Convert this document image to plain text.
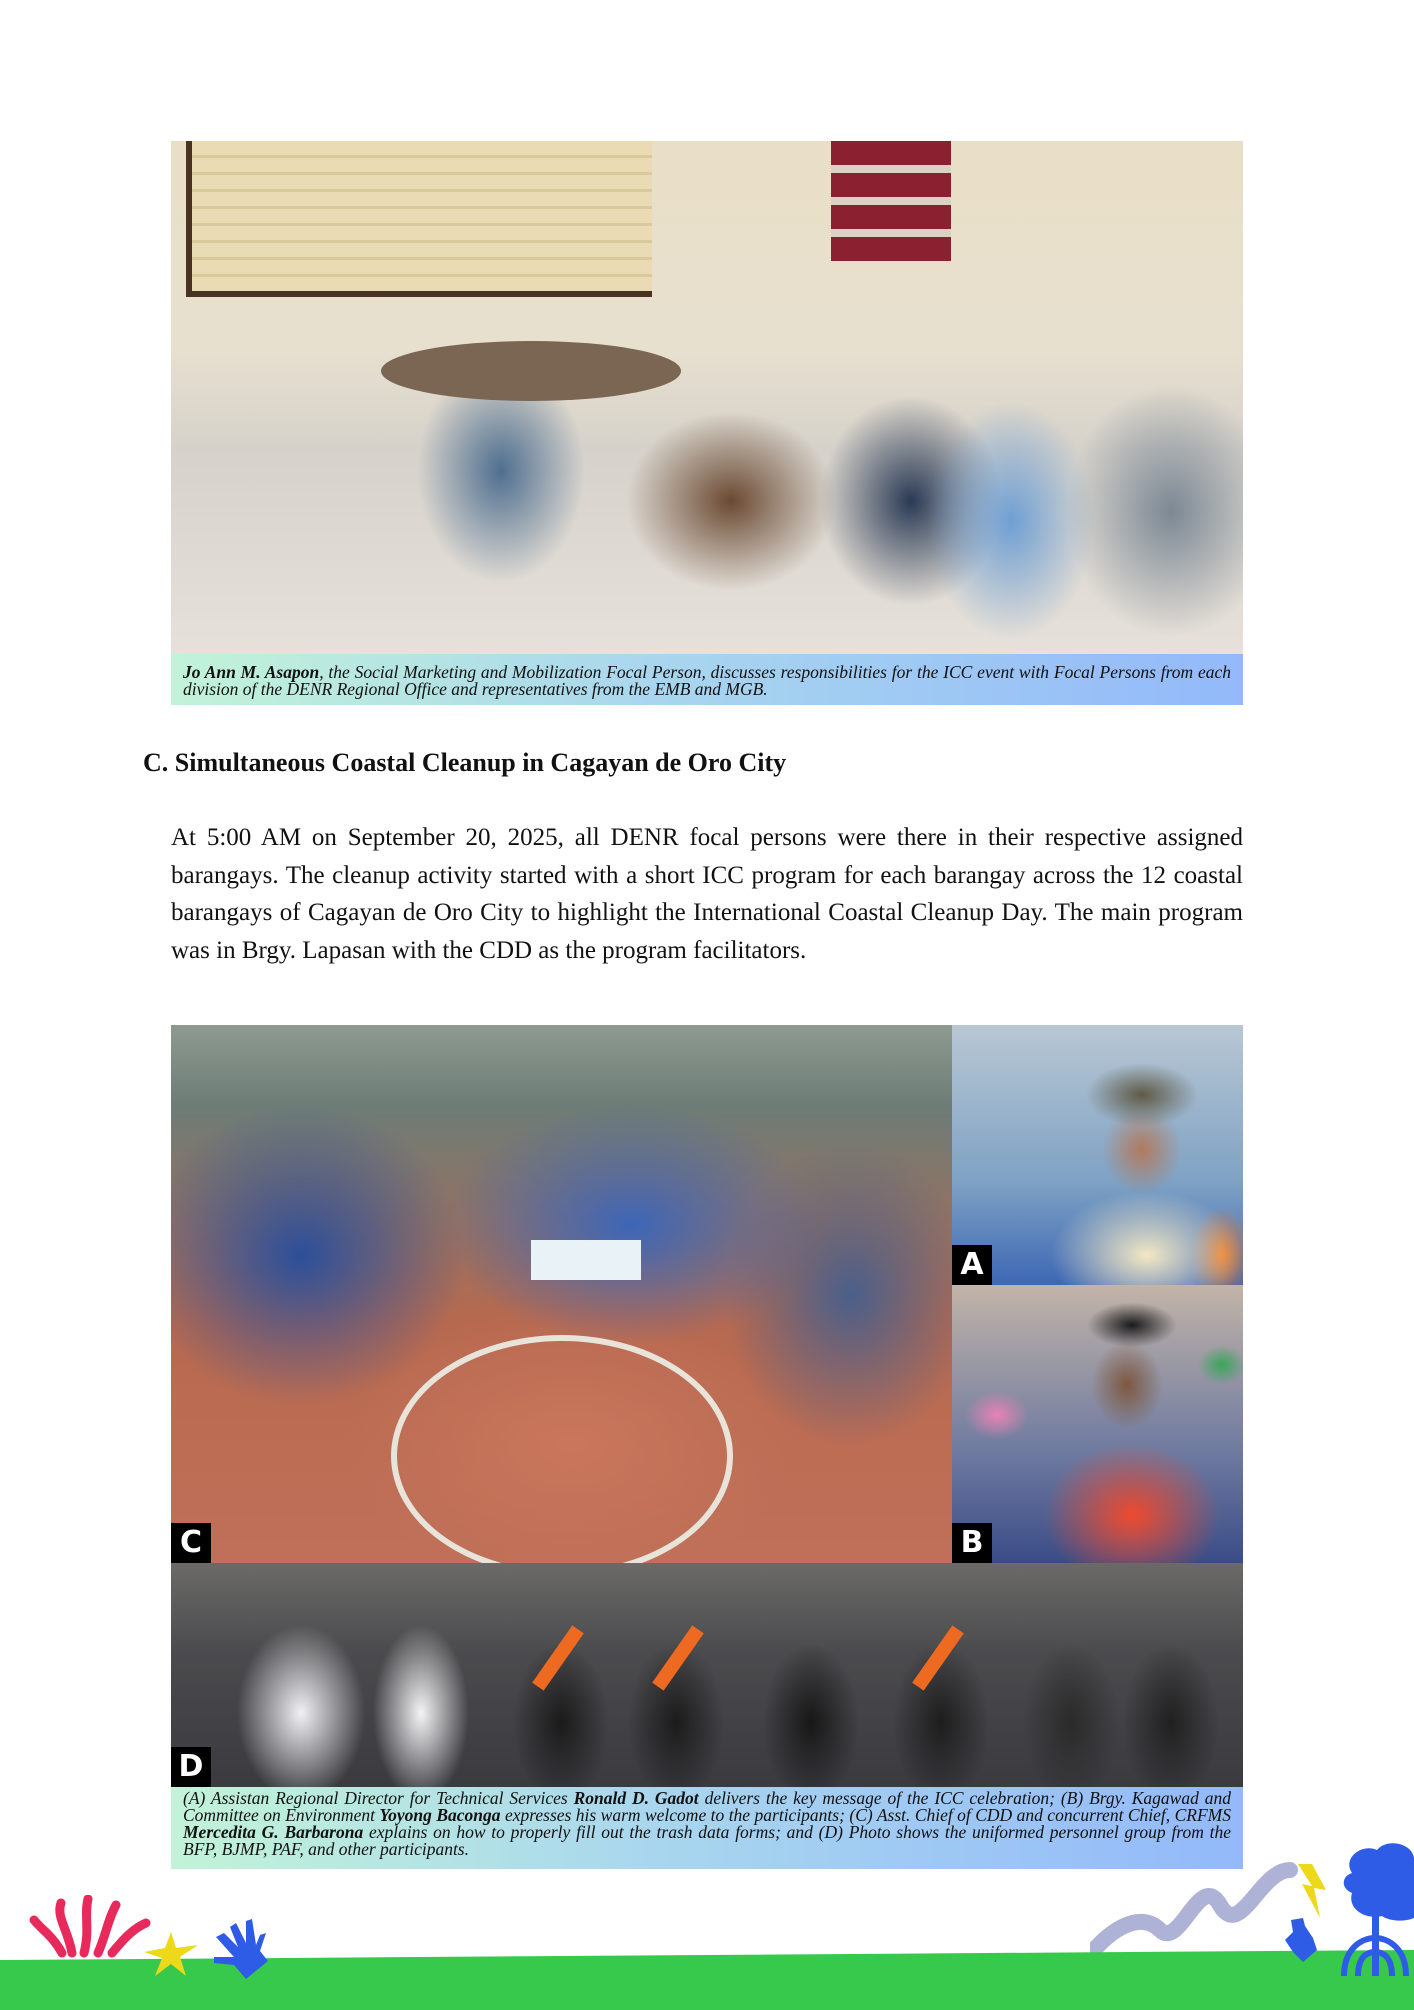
Jo Ann M. Asapon, the Social Marketing and Mobilization Focal Person, discusses responsibilities for the ICC event with Focal Persons from each division of the DENR Regional Office and representatives from the EMB and MGB.
C. Simultaneous Coastal Cleanup in Cagayan de Oro City

At 5:00 AM on September 20, 2025, all DENR focal persons were there in their respective assigned barangays. The cleanup activity started with a short ICC program for each barangay across the 12 coastal barangays of Cagayan de Oro City to highlight the International Coastal Cleanup Day. The main program was in Brgy. Lapasan with the CDD as the program facilitators.

C
A
B
D
(A) Assistan Regional Director for Technical Services Ronald D. Gadot delivers the key message of the ICC celebration; (B) Brgy. Kagawad and Committee on Environment Yoyong Baconga expresses his warm welcome to the participants; (C) Asst. Chief of CDD and concurrent Chief, CRFMS Mercedita G. Barbarona explains on how to properly fill out the trash data forms; and (D) Photo shows the uniformed personnel group from the BFP, BJMP, PAF, and other participants.
